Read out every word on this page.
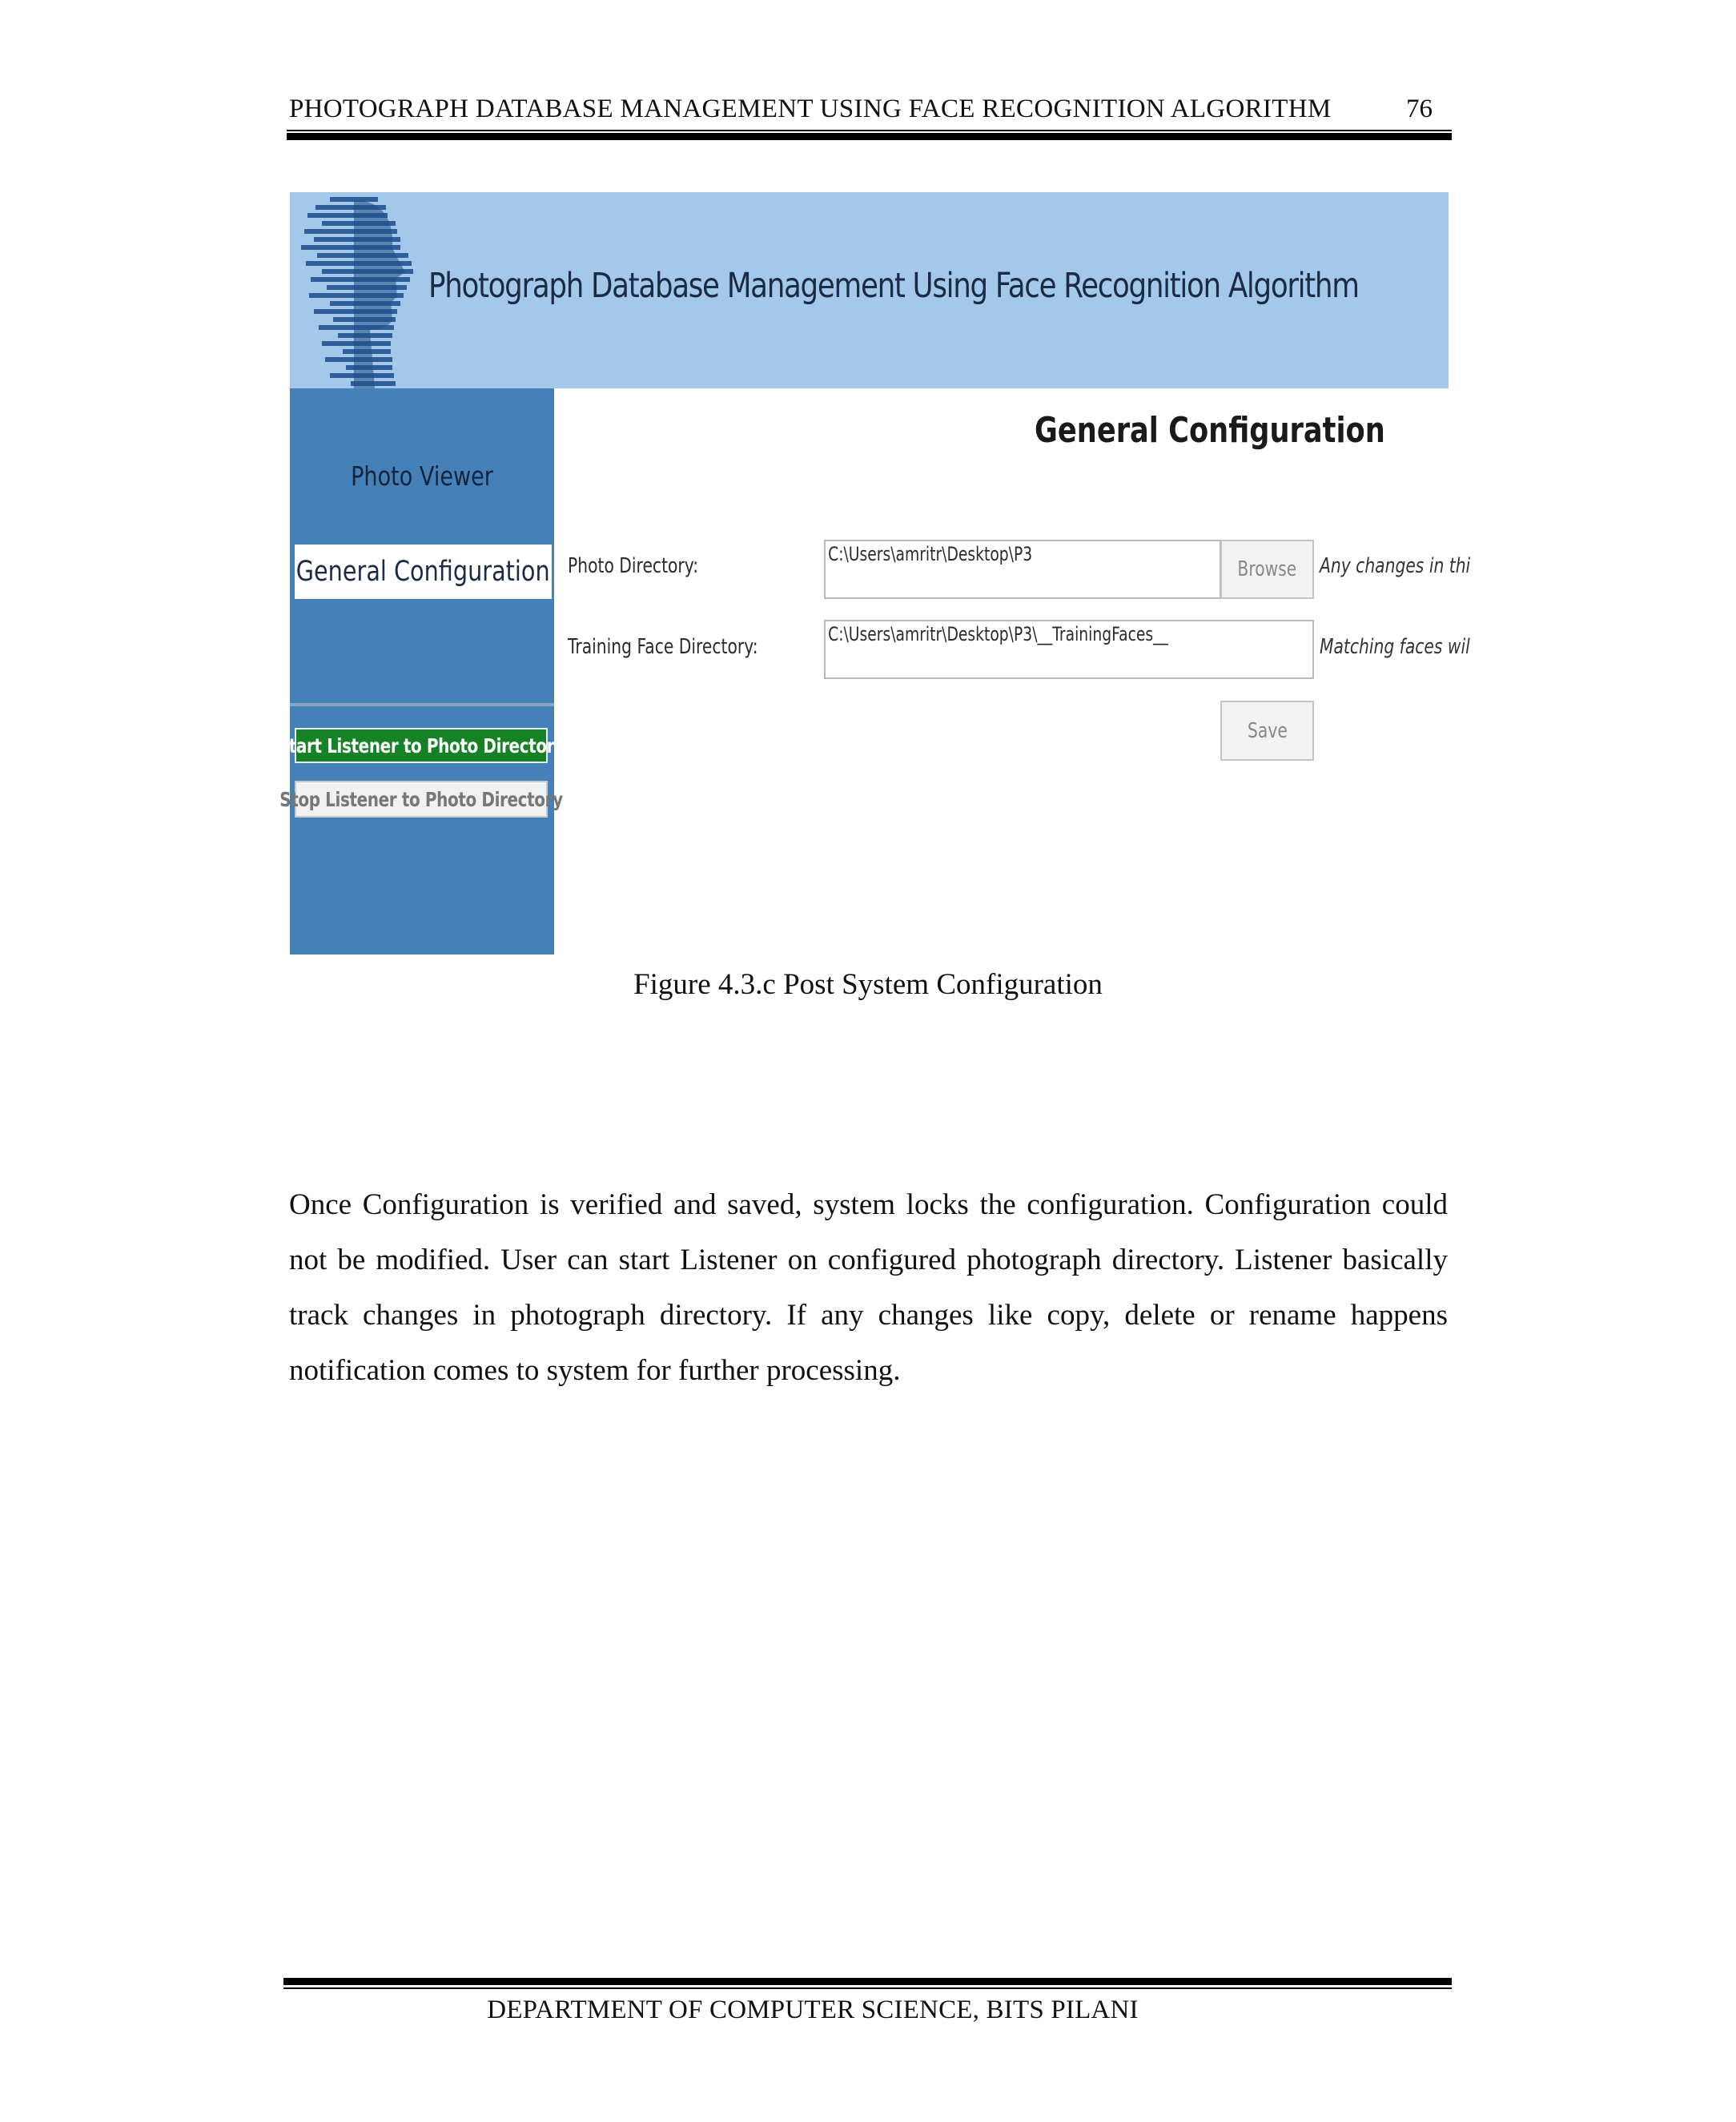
PHOTOGRAPH DATABASE MANAGEMENT USING FACE RECOGNITION ALGORITHM	76
Photograph Database Management Using Face Recognition Algorithm
Photo Viewer
General Configuration
Start Listener to Photo Directory
Stop Listener to Photo Directory
General Configuration
Photo Directory:	C:\Users\amritr\Desktop\P3
Browse Any changes in thi
Training Face Directory:
C:\Users\amritr\Desktop\P3\__TrainingFaces__
Matching faces wil
Save
Figure 4.3.c Post System Configuration
Once Configuration is verified and saved, system locks the configuration. Configuration could not be modified. User can start Listener on configured photograph directory. Listener basically track changes in photograph directory. If any changes like copy, delete or rename happens notification comes to system for further processing.
DEPARTMENT OF COMPUTER SCIENCE, BITS PILANI
